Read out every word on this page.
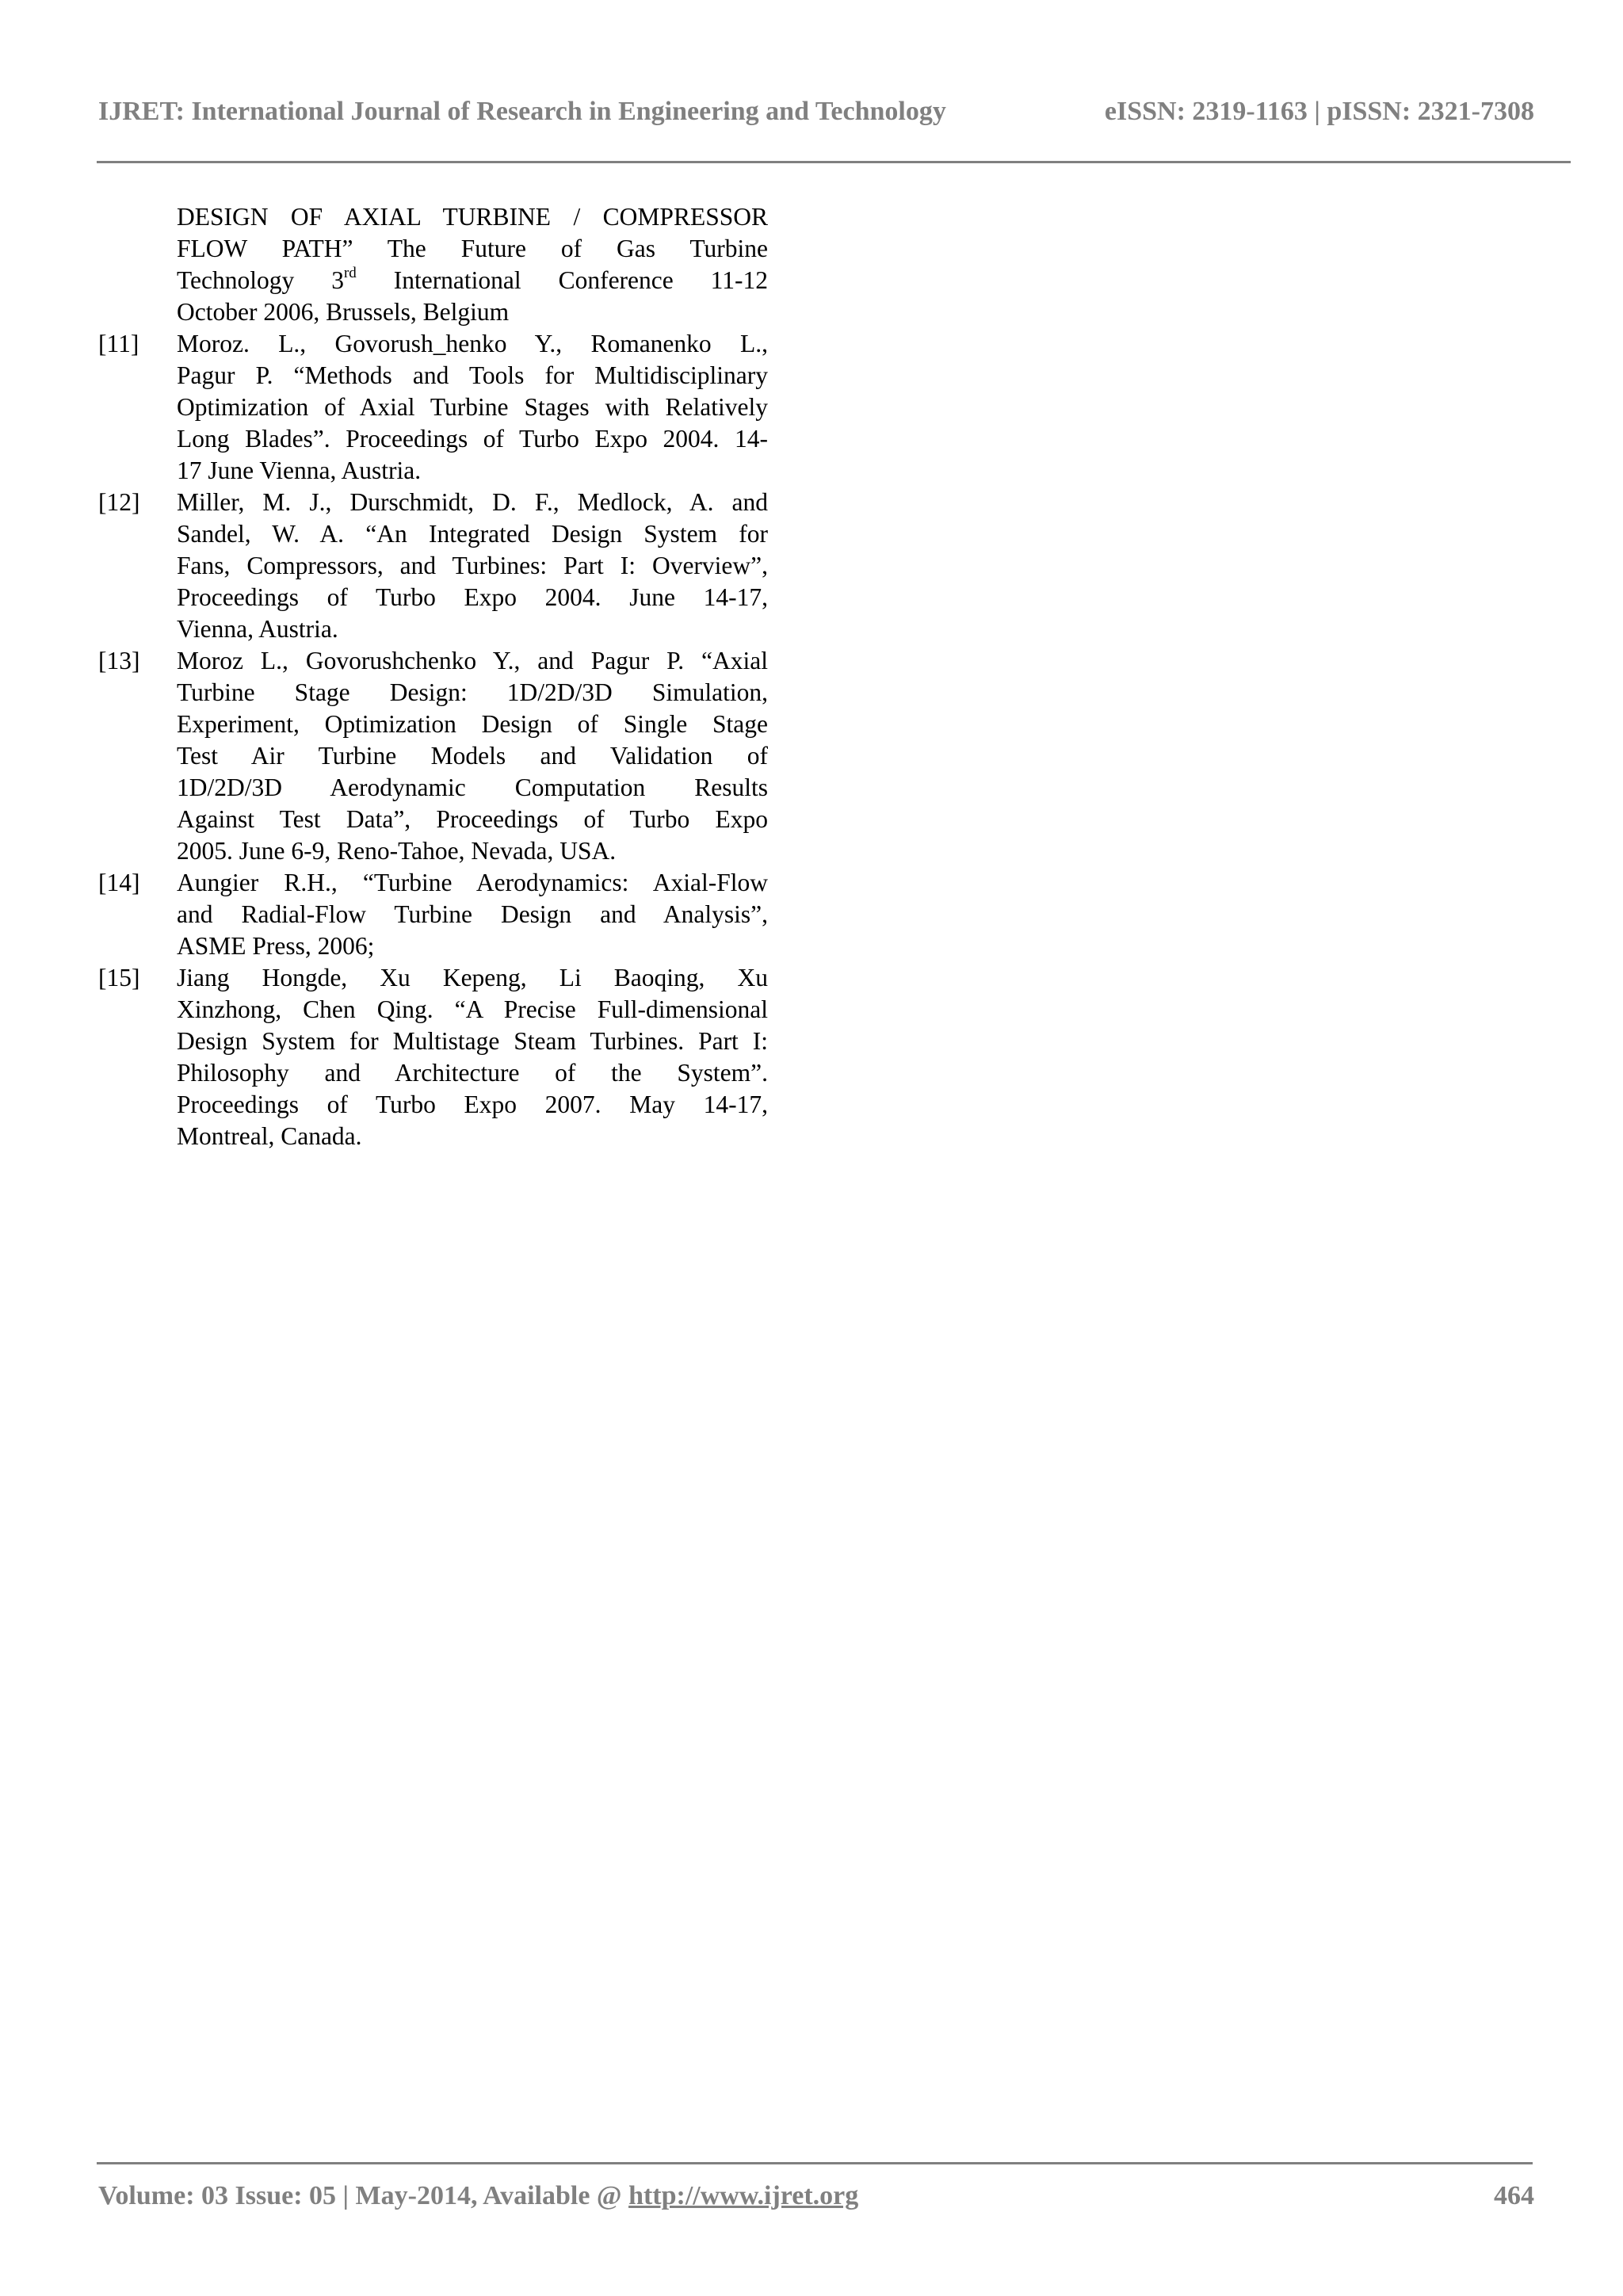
IJRET: International Journal of Research in Engineering and Technology	eISSN: 2319-1163 | pISSN: 2321-7308
DESIGN OF AXIAL TURBINE / COMPRESSOR
FLOW PATH” The Future of Gas Turbine
Technology 3rd International Conference 11-12
October 2006, Brussels, Belgium
[11]	Moroz. L., Govorush_henko Y., Romanenko L.,
Pagur P. “Methods and Tools for Multidisciplinary
Optimization of Axial Turbine Stages with Relatively
Long Blades”. Proceedings of Turbo Expo 2004. 14-
17 June Vienna, Austria.
[12]	Miller, M. J., Durschmidt, D. F., Medlock, A. and
Sandel, W. A. “An Integrated Design System for
Fans, Compressors, and Turbines: Part I: Overview”,
Proceedings of Turbo Expo 2004. June 14-17,
Vienna, Austria.
[13]	Moroz L., Govorushchenko Y., and Pagur P. “Axial
Turbine Stage Design: 1D/2D/3D Simulation,
Experiment, Optimization Design of Single Stage
Test Air Turbine Models and Validation of
1D/2D/3D Aerodynamic Computation Results
Against Test Data”, Proceedings of Turbo Expo
2005. June 6-9, Reno-Tahoe, Nevada, USA.
[14]	Aungier R.H., “Turbine Aerodynamics: Axial-Flow
and Radial-Flow Turbine Design and Analysis”,
ASME Press, 2006;
[15]	Jiang Hongde, Xu Kepeng, Li Baoqing, Xu
Xinzhong, Chen Qing. “A Precise Full-dimensional
Design System for Multistage Steam Turbines. Part I:
Philosophy and Architecture of the System”.
Proceedings of Turbo Expo 2007. May 14-17,
Montreal, Canada.
Volume: 03 Issue: 05 | May-2014, Available @ http://www.ijret.org	464
